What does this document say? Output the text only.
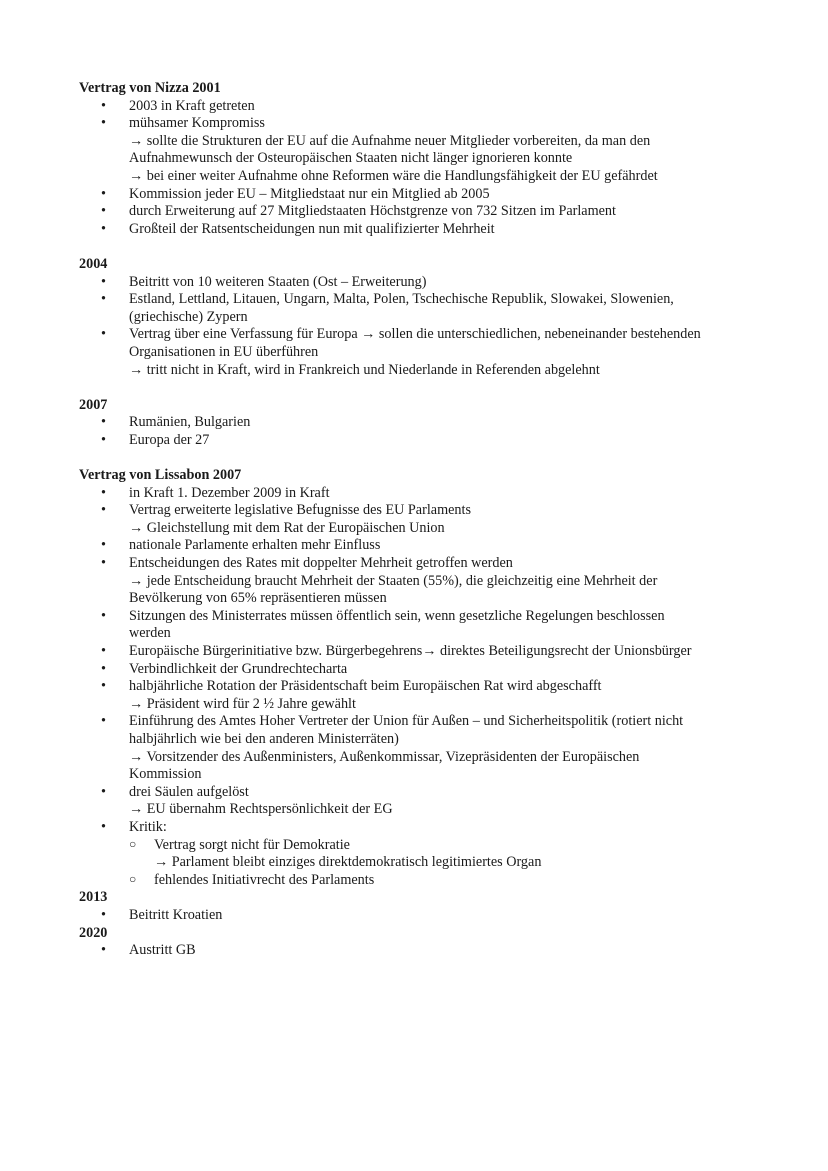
Vertrag von Nizza 2001

• 2003 in Kraft getreten
• mühsamer Kompromiss
→ sollte die Strukturen der EU auf die Aufnahme neuer Mitglieder vorbereiten, da man den
Aufnahmewunsch der Osteuropäischen Staaten nicht länger ignorieren konnte
→ bei einer weiter Aufnahme ohne Reformen wäre die Handlungsfähigkeit der EU gefährdet
• Kommission jeder EU – Mitgliedstaat nur ein Mitglied ab 2005
• durch Erweiterung auf 27 Mitgliedstaaten Höchstgrenze von 732 Sitzen im Parlament
• Großteil der Ratsentscheidungen nun mit qualifizierter Mehrheit

2004

• Beitritt von 10 weiteren Staaten (Ost – Erweiterung)
• Estland, Lettland, Litauen, Ungarn, Malta, Polen, Tschechische Republik, Slowakei, Slowenien,
(griechische) Zypern
• Vertrag über eine Verfassung für Europa → sollen die unterschiedlichen, nebeneinander bestehenden
Organisationen in EU überführen
→ tritt nicht in Kraft, wird in Frankreich und Niederlande in Referenden abgelehnt

2007

• Rumänien, Bulgarien
• Europa der 27

Vertrag von Lissabon 2007

• in Kraft 1. Dezember 2009 in Kraft
• Vertrag erweiterte legislative Befugnisse des EU Parlaments
→ Gleichstellung mit dem Rat der Europäischen Union
• nationale Parlamente erhalten mehr Einfluss
• Entscheidungen des Rates mit doppelter Mehrheit getroffen werden
→ jede Entscheidung braucht Mehrheit der Staaten (55%), die gleichzeitig eine Mehrheit der
Bevölkerung von 65% repräsentieren müssen
• Sitzungen des Ministerrates müssen öffentlich sein, wenn gesetzliche Regelungen beschlossen
werden
• Europäische Bürgerinitiative bzw. Bürgerbegehrens→ direktes Beteiligungsrecht der Unionsbürger
• Verbindlichkeit der Grundrechtecharta
• halbjährliche Rotation der Präsidentschaft beim Europäischen Rat wird abgeschafft
→ Präsident wird für 2 ½ Jahre gewählt
• Einführung des Amtes Hoher Vertreter der Union für Außen – und Sicherheitspolitik (rotiert nicht
halbjährlich wie bei den anderen Ministerräten)
→ Vorsitzender des Außenministers, Außenkommissar, Vizepräsidenten der Europäischen
Kommission
• drei Säulen aufgelöst
→ EU übernahm Rechtspersönlichkeit der EG
• Kritik:
○ Vertrag sorgt nicht für Demokratie
→ Parlament bleibt einziges direktdemokratisch legitimiertes Organ
○ fehlendes Initiativrecht des Parlaments

2013

• Beitritt Kroatien

2020

• Austritt GB
